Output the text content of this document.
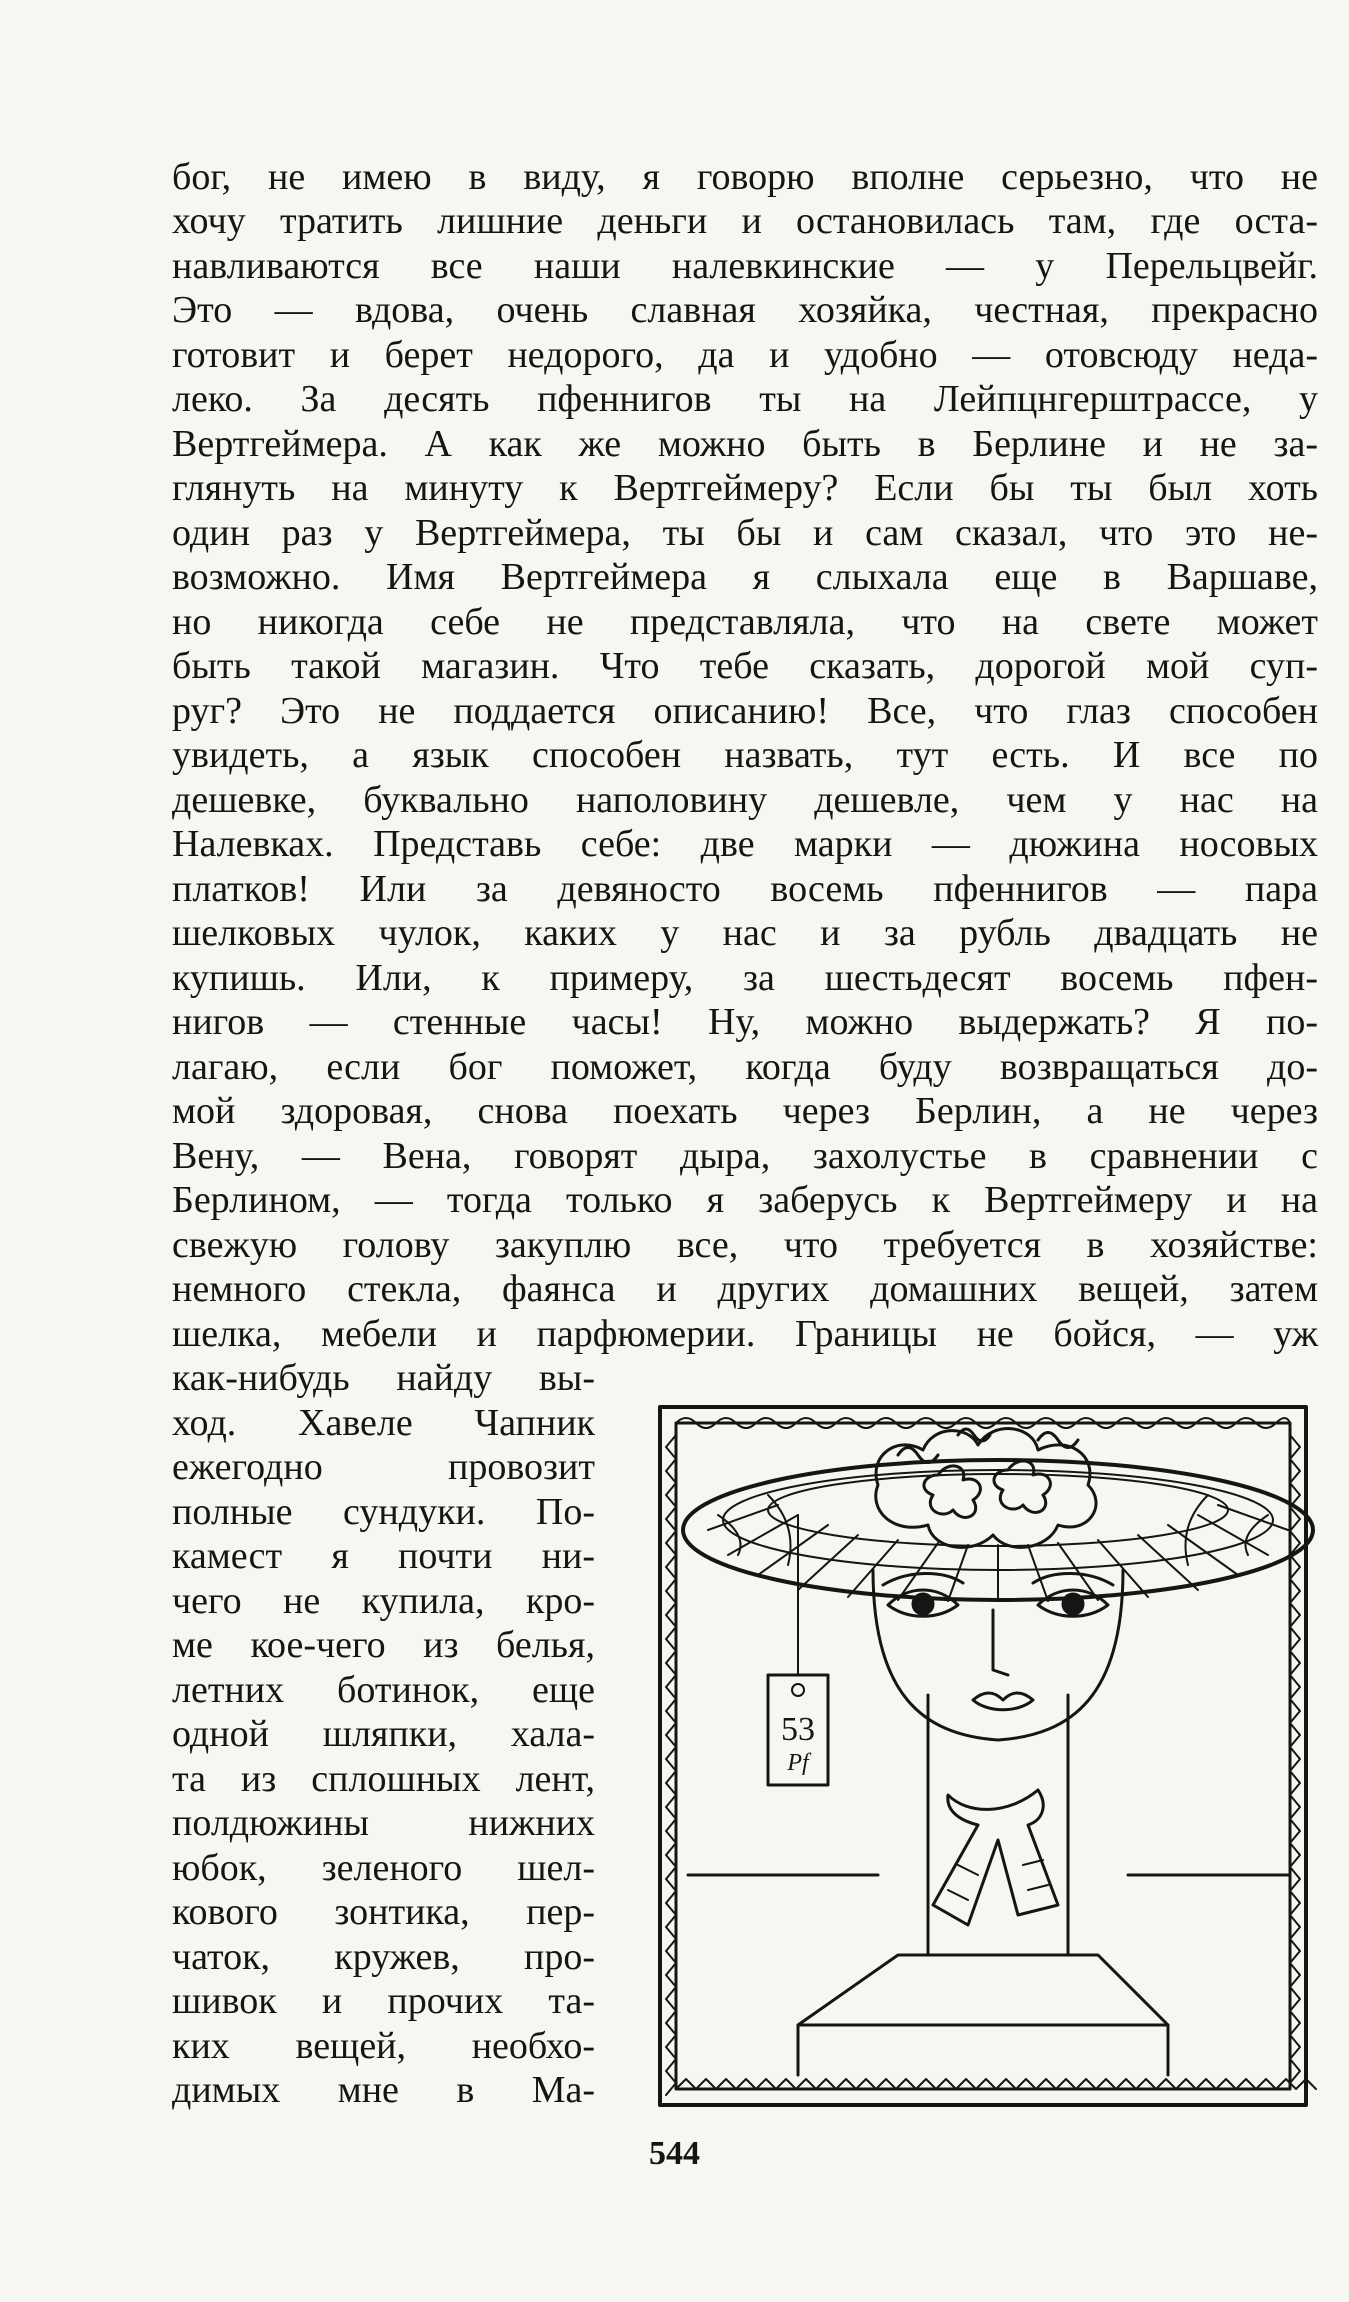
бог, не имею в виду, я говорю вполне серьезно, что не
хочу тратить лишние деньги и остановилась там, где оста-
навливаются все наши налевкинские — у Перельцвейг.
Это — вдова, очень славная хозяйка, честная, прекрасно
готовит и берет недорого, да и удобно — отовсюду неда-
леко. За десять пфеннигов ты на Лейпцнгерштрассе, у
Вертгеймера. А как же можно быть в Берлине и не за-
глянуть на минуту к Вертгеймеру? Если бы ты был хоть
один раз у Вертгеймера, ты бы и сам сказал, что это не-
возможно. Имя Вертгеймера я слыхала еще в Варшаве,
но никогда себе не представляла, что на свете может
быть такой магазин. Что тебе сказать, дорогой мой суп-
руг? Это не поддается описанию! Все, что глаз способен
увидеть, а язык способен назвать, тут есть. И все по
дешевке, буквально наполовину дешевле, чем у нас на
Налевках. Представь себе: две марки — дюжина носовых
платков! Или за девяносто восемь пфеннигов — пара
шелковых чулок, каких у нас и за рубль двадцать не
купишь. Или, к примеру, за шестьдесят восемь пфен-
нигов — стенные часы! Ну, можно выдержать? Я по-
лагаю, если бог поможет, когда буду возвращаться до-
мой здоровая, снова поехать через Берлин, а не через
Вену, — Вена, говорят дыра, захолустье в сравнении с
Берлином, — тогда только я заберусь к Вертгеймеру и на
свежую голову закуплю все, что требуется в хозяйстве:
немного стекла, фаянса и других домашних вещей, затем
шелка, мебели и парфюмерии. Границы не бойся, — уж
как-нибудь найду вы-
ход. Хавеле Чапник
ежегодно провозит
полные сундуки. По-
камест я почти ни-
чего не купила, кро-
ме кое-чего из белья,
летних ботинок, еще
одной шляпки, хала-
та из сплошных лент,
полдюжины нижних
юбок, зеленого шел-
кового зонтика, пер-
чаток, кружев, про-
шивок и прочих та-
ких вещей, необхо-
димых мне в Ма-
53
Pf
544
